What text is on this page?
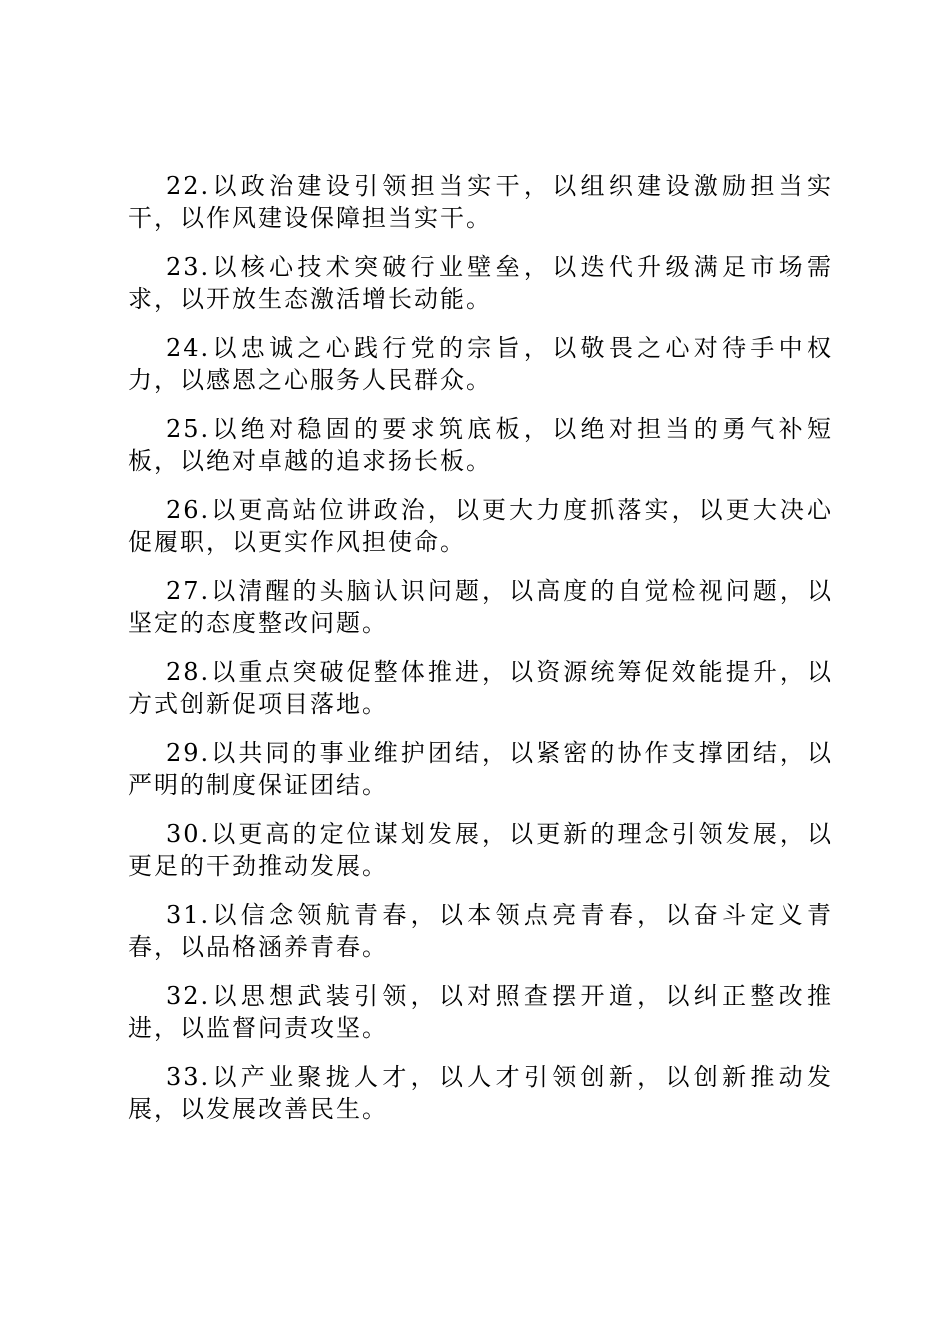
22.以政治建设引领担当实干，以组织建设激励担当实干，以作风建设保障担当实干。

23.以核心技术突破行业壁垒，以迭代升级满足市场需求，以开放生态激活增长动能。

24.以忠诚之心践行党的宗旨，以敬畏之心对待手中权力，以感恩之心服务人民群众。

25.以绝对稳固的要求筑底板，以绝对担当的勇气补短板，以绝对卓越的追求扬长板。

26.以更高站位讲政治，以更大力度抓落实，以更大决心促履职，以更实作风担使命。

27.以清醒的头脑认识问题，以高度的自觉检视问题，以坚定的态度整改问题。

28.以重点突破促整体推进，以资源统筹促效能提升，以方式创新促项目落地。

29.以共同的事业维护团结，以紧密的协作支撑团结，以严明的制度保证团结。

30.以更高的定位谋划发展，以更新的理念引领发展，以更足的干劲推动发展。

31.以信念领航青春，以本领点亮青春，以奋斗定义青春，以品格涵养青春。

32.以思想武装引领，以对照查摆开道，以纠正整改推进，以监督问责攻坚。

33.以产业聚拢人才，以人才引领创新，以创新推动发展，以发展改善民生。
